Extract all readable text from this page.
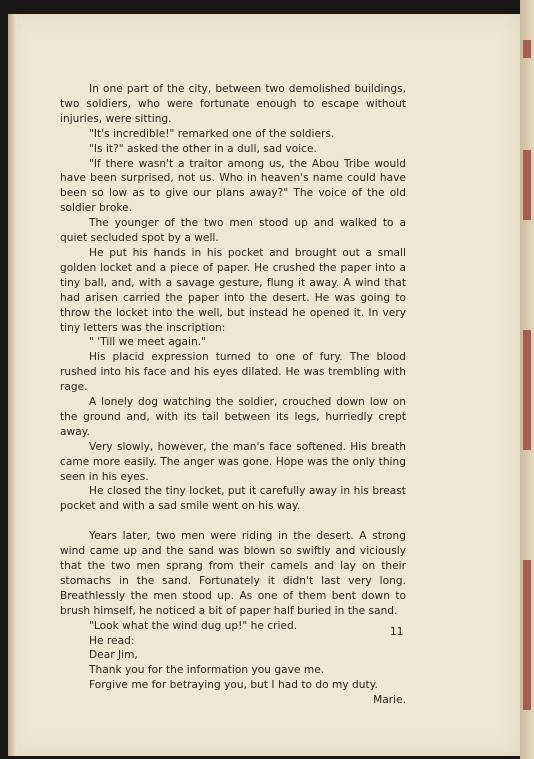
In one part of the city, between two demolished buildings, two soldiers, who were fortunate enough to escape without injuries, were sitting.

"It's incredible!" remarked one of the soldiers.

"Is it?" asked the other in a dull, sad voice.

"If there wasn't a traitor among us, the Abou Tribe would have been surprised, not us. Who in heaven's name could have been so low as to give our plans away?" The voice of the old soldier broke.

The younger of the two men stood up and walked to a quiet secluded spot by a well.

He put his hands in his pocket and brought out a small golden locket and a piece of paper. He crushed the paper into a tiny ball, and, with a savage gesture, flung it away. A wind that had arisen carried the paper into the desert. He was going to throw the locket into the well, but instead he opened it. In very tiny letters was the inscription:

" 'Till we meet again."

His placid expression turned to one of fury. The blood rushed into his face and his eyes dilated. He was trembling with rage.

A lonely dog watching the soldier, crouched down low on the ground and, with its tail between its legs, hurriedly crept away.

Very slowly, however, the man's face softened. His breath came more easily. The anger was gone. Hope was the only thing seen in his eyes.

He closed the tiny locket, put it carefully away in his breast pocket and with a sad smile went on his way.

Years later, two men were riding in the desert. A strong wind came up and the sand was blown so swiftly and viciously that the two men sprang from their camels and lay on their stomachs in the sand. Fortunately it didn't last very long. Breathlessly the men stood up. As one of them bent down to brush himself, he noticed a bit of paper half buried in the sand.

"Look what the wind dug up!" he cried.

He read:

Dear Jim,

Thank you for the information you gave me.

Forgive me for betraying you, but I had to do my duty.

Marie.

11
